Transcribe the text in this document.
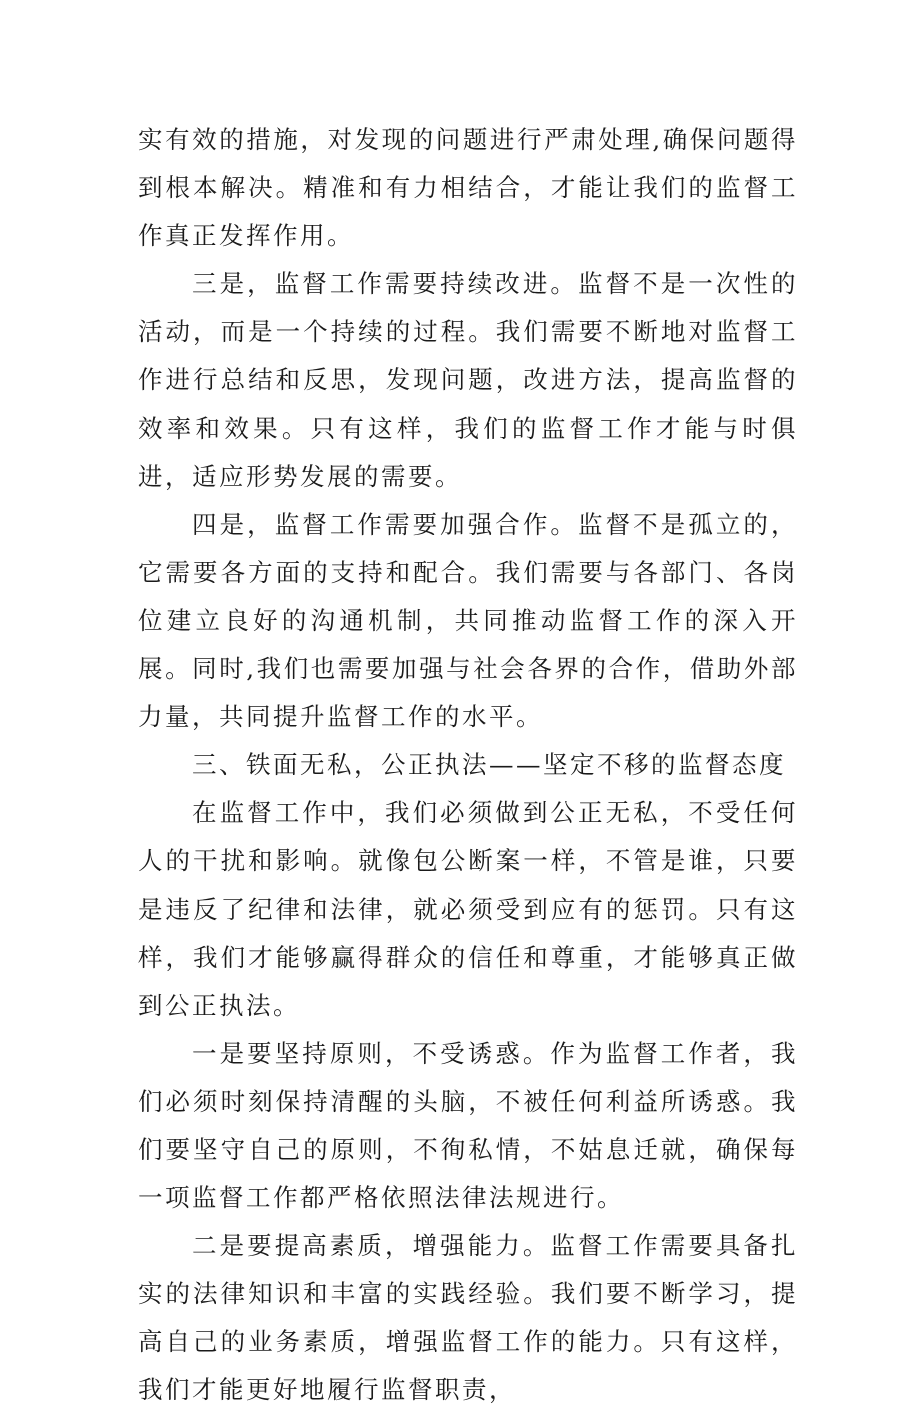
实有效的措施，对发现的问题进行严肃处理,确保问题得到根本解决。精准和有力相结合，才能让我们的监督工作真正发挥作用。

三是，监督工作需要持续改进。监督不是一次性的活动，而是一个持续的过程。我们需要不断地对监督工作进行总结和反思，发现问题，改进方法，提高监督的效率和效果。只有这样，我们的监督工作才能与时俱进，适应形势发展的需要。

四是，监督工作需要加强合作。监督不是孤立的，它需要各方面的支持和配合。我们需要与各部门、各岗位建立良好的沟通机制，共同推动监督工作的深入开展。同时,我们也需要加强与社会各界的合作，借助外部力量，共同提升监督工作的水平。

三、铁面无私，公正执法——坚定不移的监督态度

在监督工作中，我们必须做到公正无私，不受任何人的干扰和影响。就像包公断案一样，不管是谁，只要是违反了纪律和法律，就必须受到应有的惩罚。只有这样，我们才能够赢得群众的信任和尊重，才能够真正做到公正执法。

一是要坚持原则，不受诱惑。作为监督工作者，我们必须时刻保持清醒的头脑，不被任何利益所诱惑。我们要坚守自己的原则，不徇私情，不姑息迁就，确保每一项监督工作都严格依照法律法规进行。

二是要提高素质，增强能力。监督工作需要具备扎实的法律知识和丰富的实践经验。我们要不断学习，提高自己的业务素质，增强监督工作的能力。只有这样，我们才能更好地履行监督职责，
